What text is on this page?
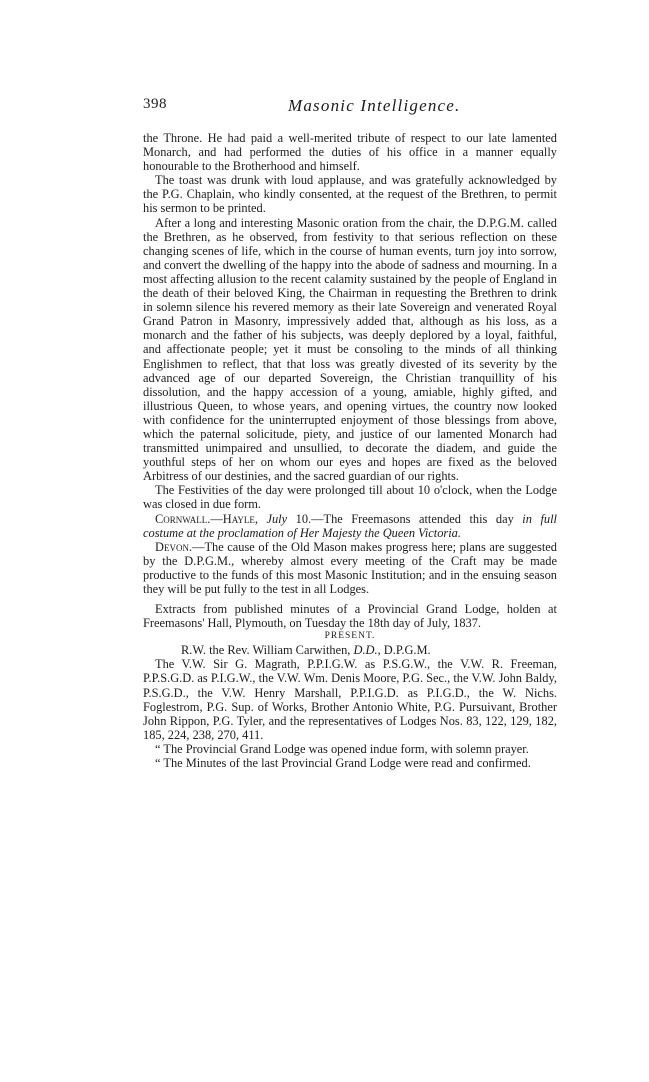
398	Masonic Intelligence.

the Throne. He had paid a well-merited tribute of respect to our late lamented Monarch, and had performed the duties of his office in a manner equally honourable to the Brotherhood and himself.

The toast was drunk with loud applause, and was gratefully acknowledged by the P.G. Chaplain, who kindly consented, at the request of the Brethren, to permit his sermon to be printed.

After a long and interesting Masonic oration from the chair, the D.P.G.M. called the Brethren, as he observed, from festivity to that serious reflection on these changing scenes of life, which in the course of human events, turn joy into sorrow, and convert the dwelling of the happy into the abode of sadness and mourning. In a most affecting allusion to the recent calamity sustained by the people of England in the death of their beloved King, the Chairman in requesting the Brethren to drink in solemn silence his revered memory as their late Sovereign and venerated Royal Grand Patron in Masonry, impressively added that, although as his loss, as a monarch and the father of his subjects, was deeply deplored by a loyal, faithful, and affectionate people; yet it must be consoling to the minds of all thinking Englishmen to reflect, that that loss was greatly divested of its severity by the advanced age of our departed Sovereign, the Christian tranquillity of his dissolution, and the happy accession of a young, amiable, highly gifted, and illustrious Queen, to whose years, and opening virtues, the country now looked with confidence for the uninterrupted enjoyment of those blessings from above, which the paternal solicitude, piety, and justice of our lamented Monarch had transmitted unimpaired and unsullied, to decorate the diadem, and guide the youthful steps of her on whom our eyes and hopes are fixed as the beloved Arbitress of our destinies, and the sacred guardian of our rights.

The Festivities of the day were prolonged till about 10 o'clock, when the Lodge was closed in due form.

Cornwall.—Hayle, July 10.—The Freemasons attended this day in full costume at the proclamation of Her Majesty the Queen Victoria.

Devon.—The cause of the Old Mason makes progress here; plans are suggested by the D.P.G.M., whereby almost every meeting of the Craft may be made productive to the funds of this most Masonic Institution; and in the ensuing season they will be put fully to the test in all Lodges.

Extracts from published minutes of a Provincial Grand Lodge, holden at Freemasons' Hall, Plymouth, on Tuesday the 18th day of July, 1837.

PRESENT.

R.W. the Rev. William Carwithen, D.D., D.P.G.M.

The V.W. Sir G. Magrath, P.P.I.G.W. as P.S.G.W., the V.W. R. Freeman, P.P.S.G.D. as P.I.G.W., the V.W. Wm. Denis Moore, P.G. Sec., the V.W. John Baldy, P.S.G.D., the V.W. Henry Marshall, P.P.I.G.D. as P.I.G.D., the W. Nichs. Foglestrom, P.G. Sup. of Works, Brother Antonio White, P.G. Pursuivant, Brother John Rippon, P.G. Tyler, and the representatives of Lodges Nos. 83, 122, 129, 182, 185, 224, 238, 270, 411.

“ The Provincial Grand Lodge was opened indue form, with solemn prayer.

“ The Minutes of the last Provincial Grand Lodge were read and confirmed.
